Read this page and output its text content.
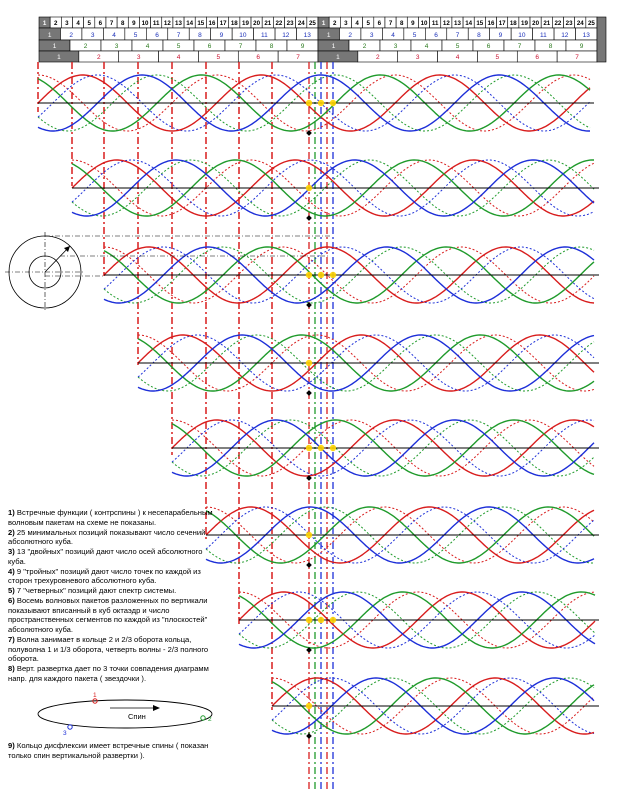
1 2 3 4 5 6 7 8 9 10 11 12 13 14 15 16 17 18 19 20 21 22 23 24 25 1 2 3 4 5 6 7 8 9 10 11 12 13 14 15 16 17 18 19 20 21 22 23 24 25
1	2	3	4	5	6	7	8	9 10 11 12 13 1	2	3	4	5	6	7	8	9 10 11 12 13
1	2	3	4	5	6	7	8	9	1	2	3	4	5	6	7	8	9
1	2	3	4	5	6	7	1	2	3	4	5	6	7
Спин
1
2
3

1) Встречные функции ( контрспины ) к несепарабельным волновым пакетам на схеме не показаны.

2) 25 минимальных позиций показывают число сечений абсолютного куба.

3) 13 "двойных" позиций дают число осей абсолютного куба.

4) 9 "тройных" позиций дают число точек по каждой из сторон трехуровневого абсолютного куба.

5) 7 "четверных" позиций дают спектр системы.

6) Восемь волновых пакетов разложенных по вертикали показывают вписанный в куб октаэдр и число пространственных сегментов по каждой из "плоскостей" абсолютного куба.

7) Волна занимает в кольце 2 и 2/3 оборота кольца, полуволна 1 и 1/3 оборота, четверть волны - 2/3 полного оборота.

8) Верт. развертка дает по 3 точки совпадения диаграмм напр. для каждого пакета ( звездочки ).

9) Кольцо дисфлексии имеет встречные спины ( показан только спин вертикальной развертки ).
